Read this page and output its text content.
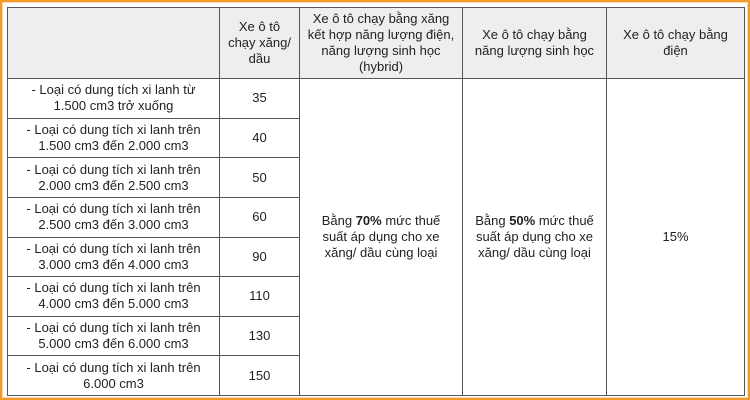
	Xe ô tô chạy xăng/ dầu	Xe ô tô chạy bằng xăng kết hợp năng lượng điện, năng lượng sinh học (hybrid)	Xe ô tô chạy bằng năng lượng sinh học	Xe ô tô chạy bằng điện
- Loại có dung tích xi lanh từ 1.500 cm3 trở xuống	35	Bằng 70% mức thuế suất áp dụng cho xe xăng/ dầu cùng loại	Bằng 50% mức thuế suất áp dụng cho xe xăng/ dầu cùng loại	15%
- Loại có dung tích xi lanh trên 1.500 cm3 đến 2.000 cm3	40			
- Loại có dung tích xi lanh trên 2.000 cm3 đến 2.500 cm3	50			
- Loại có dung tích xi lanh trên 2.500 cm3 đến 3.000 cm3	60			
- Loại có dung tích xi lanh trên 3.000 cm3 đến 4.000 cm3	90			
- Loại có dung tích xi lanh trên 4.000 cm3 đến 5.000 cm3	110			
- Loại có dung tích xi lanh trên 5.000 cm3 đến 6.000 cm3	130			
- Loại có dung tích xi lanh trên 6.000 cm3	150			
